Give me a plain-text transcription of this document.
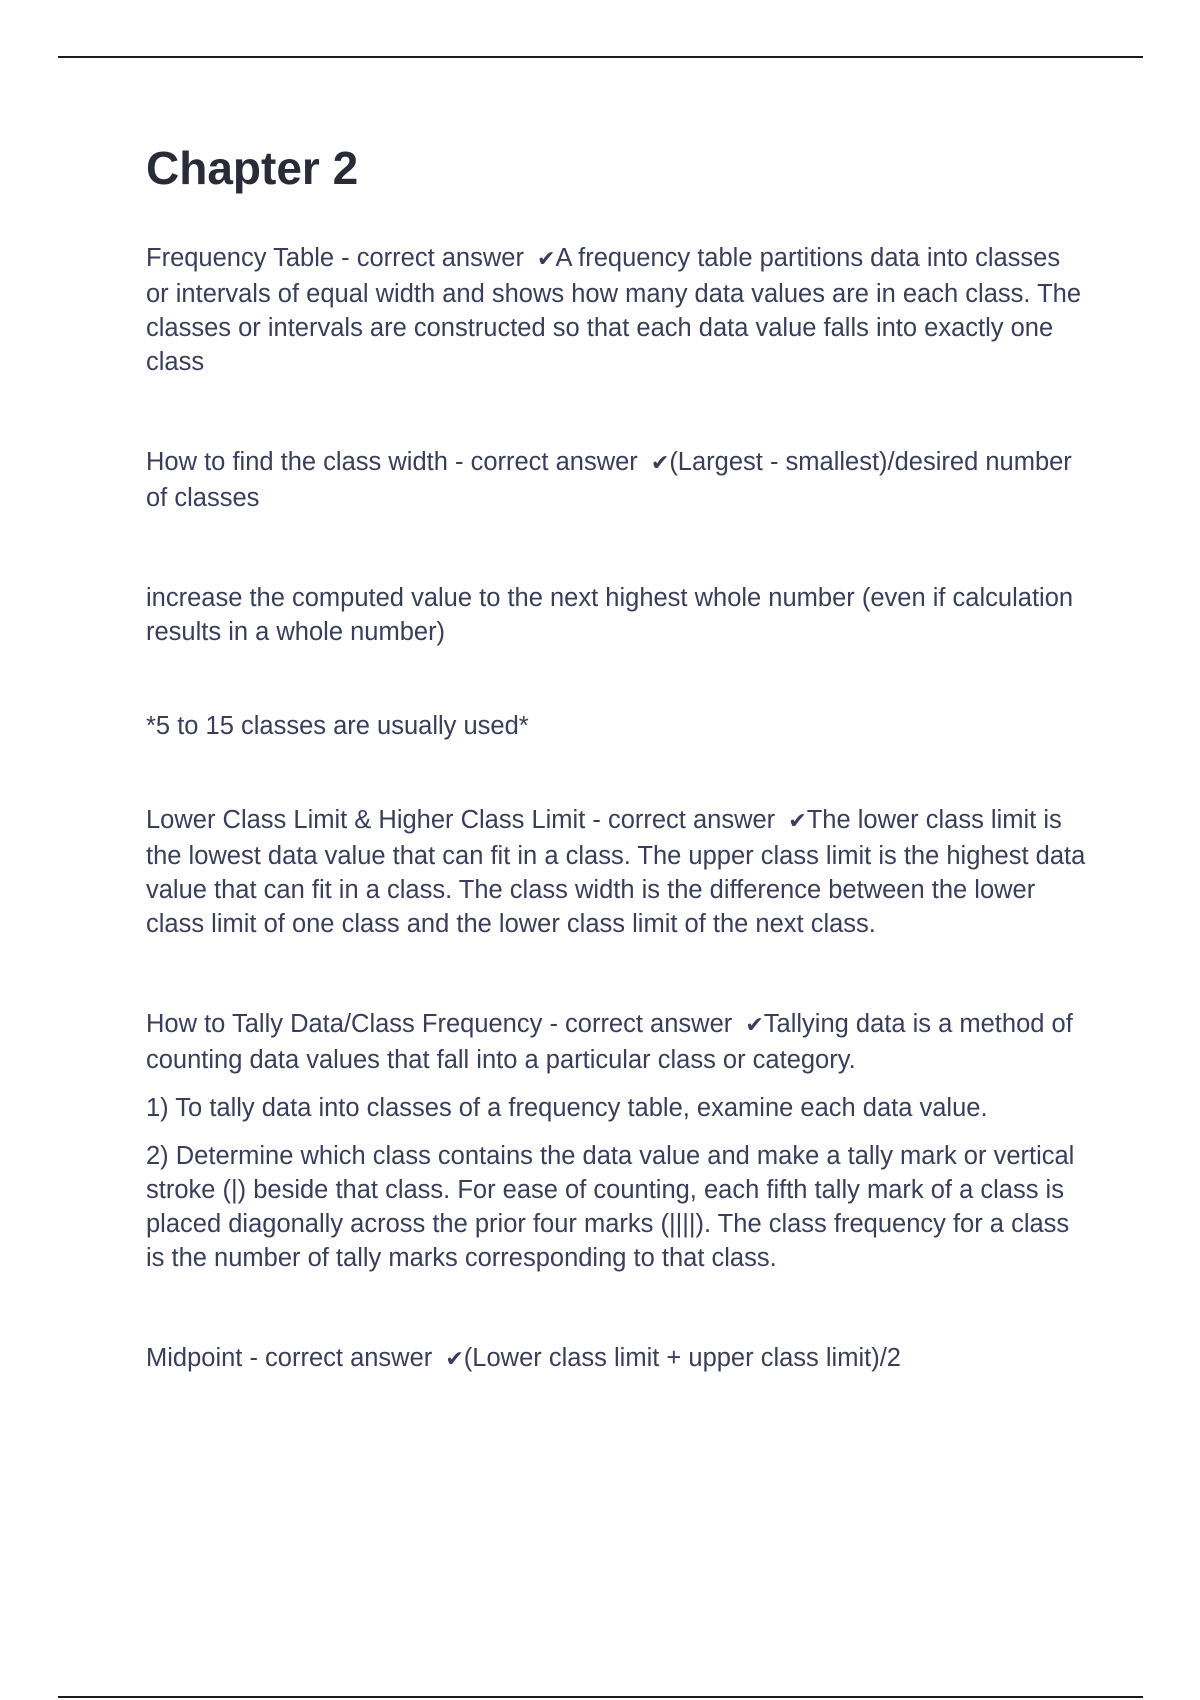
Chapter 2

Frequency Table - correct answer ✔A frequency table partitions data into classes or intervals of equal width and shows how many data values are in each class. The classes or intervals are constructed so that each data value falls into exactly one class

How to find the class width - correct answer ✔(Largest - smallest)/desired number of classes

increase the computed value to the next highest whole number (even if calculation results in a whole number)

*5 to 15 classes are usually used*

Lower Class Limit & Higher Class Limit - correct answer ✔The lower class limit is the lowest data value that can fit in a class. The upper class limit is the highest data value that can fit in a class. The class width is the difference between the lower class limit of one class and the lower class limit of the next class.

How to Tally Data/Class Frequency - correct answer ✔Tallying data is a method of counting data values that fall into a particular class or category.

1) To tally data into classes of a frequency table, examine each data value.

2) Determine which class contains the data value and make a tally mark or vertical stroke (|) beside that class. For ease of counting, each fifth tally mark of a class is placed diagonally across the prior four marks (||||). The class frequency for a class is the number of tally marks corresponding to that class.

Midpoint - correct answer ✔(Lower class limit + upper class limit)/2
